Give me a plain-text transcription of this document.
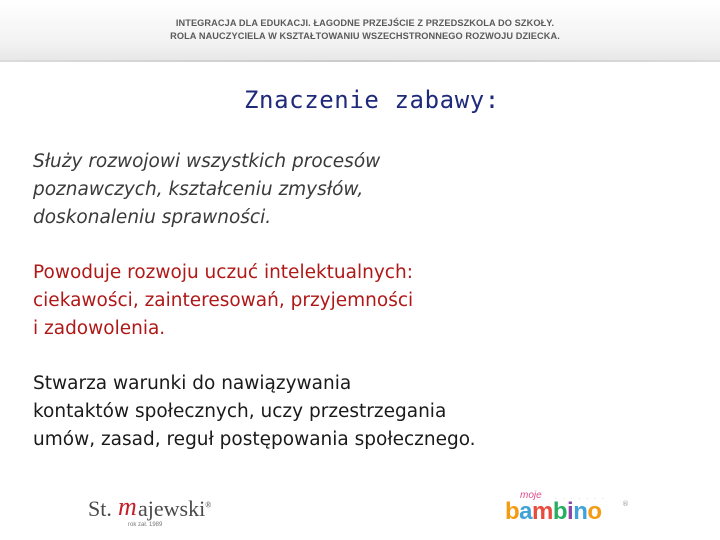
INTEGRACJA DLA EDUKACJI. ŁAGODNE PRZEJŚCIE Z PRZEDSZKOLA DO SZKOŁY.
ROLA NAUCZYCIELA W KSZTAŁTOWANIU WSZECHSTRONNEGO ROZWOJU DZIECKA.
Znaczenie zabawy:
Służy rozwojowi wszystkich procesów
poznawczych, kształceniu zmysłów,
doskonaleniu sprawności.
Powoduje rozwoju uczuć intelektualnych:
ciekawości, zainteresowań, przyjemności
i zadowolenia.
Stwarza warunki do nawiązywania
kontaktów społecznych, uczy przestrzegania
umów, zasad, reguł postępowania społecznego.
St. m ajewski®
rok zał. 1989
moje . . . . . . .
bambino	®
